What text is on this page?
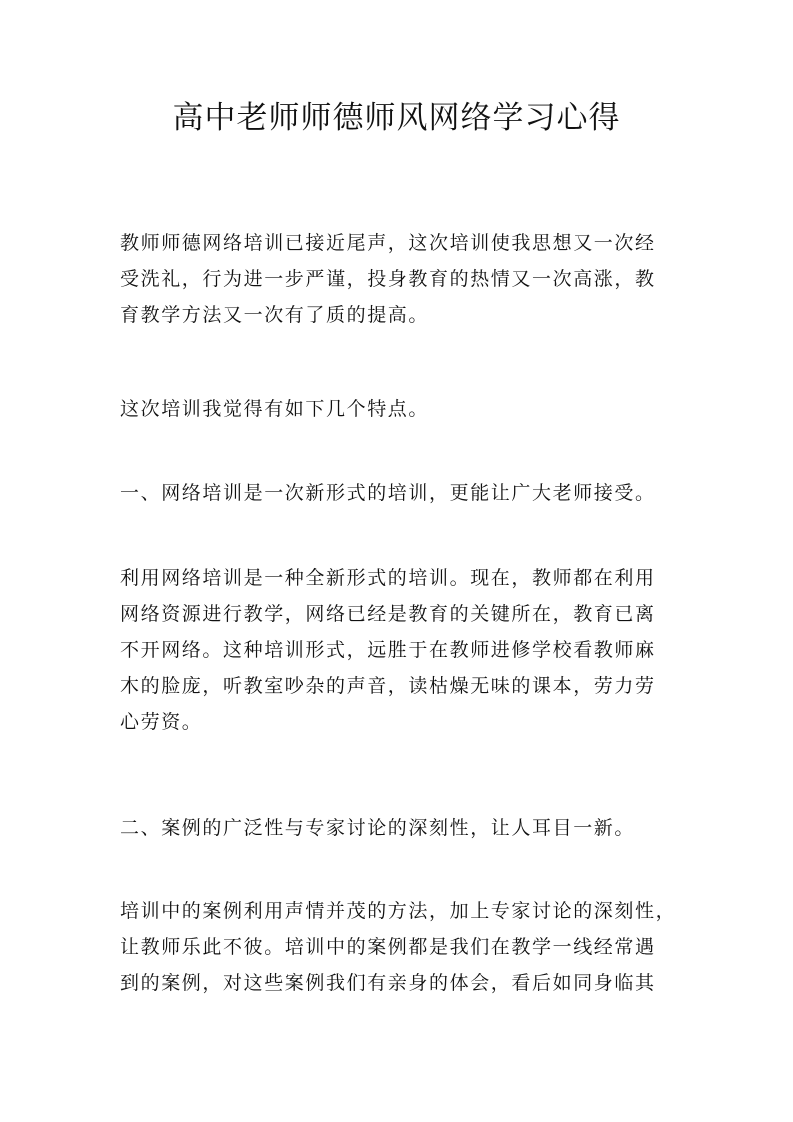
高中老师师德师风网络学习心得

教师师德网络培训已接近尾声，这次培训使我思想又一次经
受洗礼，行为进一步严谨，投身教育的热情又一次高涨，教
育教学方法又一次有了质的提高。

这次培训我觉得有如下几个特点。

一、网络培训是一次新形式的培训，更能让广大老师接受。

利用网络培训是一种全新形式的培训。现在，教师都在利用
网络资源进行教学，网络已经是教育的关键所在，教育已离
不开网络。这种培训形式，远胜于在教师进修学校看教师麻
木的脸庞，听教室吵杂的声音，读枯燥无味的课本，劳力劳
心劳资。

二、案例的广泛性与专家讨论的深刻性，让人耳目一新。

培训中的案例利用声情并茂的方法，加上专家讨论的深刻性，
让教师乐此不彼。培训中的案例都是我们在教学一线经常遇
到的案例，对这些案例我们有亲身的体会，看后如同身临其
